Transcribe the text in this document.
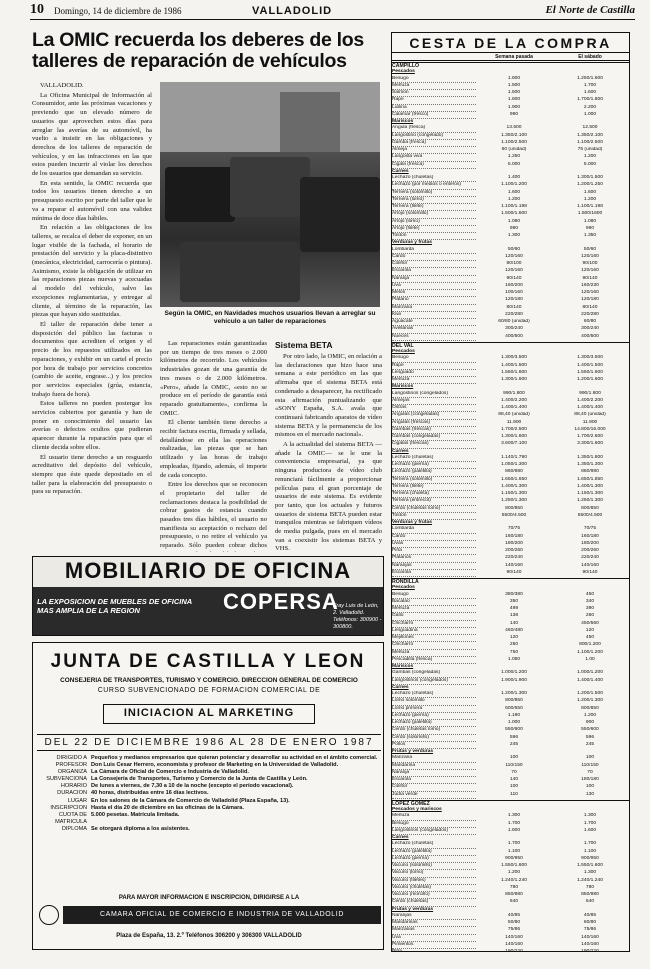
10 Domingo, 14 de diciembre de 1986	VALLADOLID	El Norte de Castilla
La OMIC recuerda los deberes de los talleres de reparación de vehículos

VALLADOLID.

La Oficina Municipal de Información al Consumidor, ante las próximas vacaciones y previendo que un elevado número de usuarios que aprovechen estos días para arreglar las averías de su automóvil, ha vuelto a insistir en las obligaciones y derechos de los talleres de reparación de vehículos, y en las infracciones en las que estos pueden incurrir al violar los derechos de los usuarios que demandan su servicio.

En esta sentido, la OMIC recuerda que todos los usuarios tienen derecho a un presupuesto escrito por parte del taller que le va a reparar el automóvil con una validez mínima de doce días hábiles.

En relación a las obligaciones de los talleres, se recalca el deber de exponer, en un lugar visible de la fachada, el horario de prestación del servicio y la placa-distintivo (mecánica, electricidad, carrocería o pintura). Asimismo, existe la obligación de utilizar en las reparaciones piezas nuevas y acecuadas al modelo del vehículo, salvo las excepciones reglamentarias, y entregar al cliente, al término de la reparación, las piezas que hayan sido sustituidas.

El taller de reparación debe tener a disposición del público las facturas o documentos que acrediten el origen y el precio de los repuestos utilizados en las reparaciones, y exhibir en un cartel el precio por hora de trabajo por servicios concretos (cambio de aceite, engrase...) y los precios por servicios especiales (grúa, estancia, trabajo fuera de hora).

Estos talleres no pueden postergar los servicios cubiertos por garantía y han de poner en conocimiento del usuario las averías o defectos ocultos que pudieran aparecer durante la reparación para que el cliente decida sobre ellos.

El usuario tiene derecho a un resguardo acreditativo del depósito del vehículo, siempre que éste quede depositado en el taller para la elaboración del presupuesto o para su reparación.

Según la OMIC, en Navidades muchos usuarios llevan a arreglar su vehículo a un taller de reparaciones

Las reparaciones están garantizadas por un tiempo de tres meses o 2.000 kilómetros de recorrido. Los vehículos industriales gozan de una garantía de tres meses o de 2.000 kilómetros. «Pero», añade la OMIC, «esto no se produce en el período de garantía está reparado gratuitamente», confirma la OMIC.

El cliente también tiene derecho a recibir factura escrita, firmada y sellada, detallándose en ella las operaciones realizadas, las piezas que se han utilizado y las horas de trabajo empleadas, fijando, además, el importe de cada concepto.

Entre los derechos que se reconocen el propietario del taller de reclamaciones destaca la posibilidad de cobrar gastos de estancia cuando pasados tres días hábiles, el usuario no manifiesta su aceptación o rechazo del presupuesto, o no retire el vehículo ya reparado. Sólo pueden cobrar dichos

Sistema BETA

Por otro lado, la OMIC, en relación a las declaraciones que hizo hace una semana a este periódico en las que afirmaba que el sistema BETA está condenado a desaparecer, ha rectificado esta afirmación puntualizando que «SONY España, S.A. avala que continuará fabricando aparatos de vídeo sistema BETA y la permanencia de los mismos en el mercado nacional».

A la actualidad del sistema BETA —añade la OMIC— se le une la conveniencia empresarial, ya que ninguna productora de vídeo club renunciará fácilmente a proporcionar películas para el gran porcentaje de usuarios de este sistema. Es evidente por tanto, que los actuales y futuros usuarios de sistema BETA pueden estar tranquilos mientras se fabriquen vídeos de media pulgada, pues en el mercado van a coexistir los sistemas BETA y VHS.

MOBILIARIO DE OFICINA
LA EXPOSICION DE MUEBLES DE OFICINA MAS AMPLIA DE LA REGION	COPERSA
Fray Luis de León, 2. Valladolid. Teléfonos: 300900 - 300800.
JUNTA DE CASTILLA Y LEON
CONSEJERIA DE TRANSPORTES, TURISMO Y COMERCIO. DIRECCION GENERAL DE COMERCIO
CURSO SUBVENCIONADO DE FORMACION COMERCIAL DE
INICIACION AL MARKETING
DEL 22 DE DICIEMBRE 1986 AL 28 DE ENERO 1987
DIRIGIDO A Pequeños y medianos empresarios que quieran potenciar y desarrollar su actividad en el ámbito comercial.
PROFESOR Don Luis Cesar Herrero, economista y profesor de Marketing en la Universidad de Valladolid.
ORGANIZA La Cámara de Oficial de Comercio e Industria de Valladolid.
SUBVENCIONA La Consejería de Transportes, Turismo y Comercio de la Junta de Castilla y León.
HORARIO De lunes a viernes, de 7,30 a 10 de la noche (excepto el período vacacional).
DURACION 40 horas, distribuidas entre 16 días lectivos.
LUGAR En los salones de la Cámara de Comercio de Valladolid (Plaza España, 13).
INSCRIPCION Hasta el día 20 de diciembre en las oficinas de la Cámara.
CUOTA DE MATRICULA
5.000 pesetas. Matrícula limitada.
DIPLOMA Se otorgará diploma a los asistentes.
PARA MAYOR INFORMACION E INSCRIPCION, DIRIGIRSE A LA
CAMARA OFICIAL DE COMERCIO E INDUSTRIA DE VALLADOLID
Plaza de España, 13. 2.º Teléfonos 306200 y 306300 VALLADOLID
CESTA DE LA COMPRA
Semana pasada	El sábado
CAMPILLO
Pescados
Besugo	1.600	1.250/1.600
Merluza	1.500	1.700
Salmón	1.500	1.600
Rape	1.600	1.700/1.800
Lubina	1.900	2.200
Calamar (fresco)	990	1.000
Mariscos
Angula (fresca)	13.500	12.500
Langostino (congelado)	1.350/2.100	1.350/2.100
Gamba (fresca)	1.100/2.500	1.100/2.500
Almeja	60 (unidad)	75 (unidad)
Langosta viva	1.250	1.200
Cigala (fresca)	5.000	5.000
Carnes
Lechazo (chuletas)	1.400	1.300/1.500
Lechazo (por medios o enteros)	1.100/1.200	1.200/1.250
Ternera (solomillo)	1.600	1.600
Ternera (lomo)	1.200	1.200
Ternera (filete)	1.100/1.198	1.100/1.198
Añojo (solomillo)	1.500/1.600	1.500/1600
Añojo (lomo)	1.080	1.080
Añojo (filete)	990	990
Tostón	1.300	1.350
Verduras y frutas
Lombarda	50/60	50/60
Cardo	120/160	120/160
Coliflor	80/100	90/100
Escarola	120/160	120/160
Naranja	90/140	90/140
Uva	160/200	160/230
Melón	100/160	120/160
Plátano	120/180	120/180
Manzana	80/140	80/140
Kiwi	220/280	220/280
Aguacate	60/80 (unidad)	60/80
Avellanas	300/240	300/240
Nueces	400/500	400/500
DEL VAL
Pescados
Besugo	1.300/3.500	1.300/3.500
Rape	1.400/1.500	1.400/1.500
Lenguado	1.550/1.600	1.550/1.600
Merluza	1.300/1.600	1.200/1.600
Mariscos
Langostinos (congelados)	990/1.800	990/1.800
Almejas	1.400/2.200	1.400/2.200
Ostras	1.400/1.400	1.400/1.400
Angulas (congeladas)	88,40 (unidad)	88,40 (unidad)
Angulas (frescas)	11.900	11.900
Gambas (frescas)	1.700/2.500	14.800/16.000
Gambas (congeladas)	1.300/1.600	1.700/2.600
Cigalas (frescas)	3.600/7.100	3.300/1.600
Carnes
Lechazo (chuletas)	1.140/1.790	1.350/1.800
Lechazo (pierna)	1.050/1.300	1.350/1.300
Lechazo (paletilla)	860/980	860/980
Ternera (solomillo)	1.650/1.650	1.650/1.850
Ternera (filete)	1.400/1.300	1.400/1.300
Ternera (chuleta)	1.150/1.300	1.150/1.300
Ternera (entrecot)	1.250/1.300	1.250/1.300
Cerdo (chuletas lomo)	800/850	800/850
Tostón	5500/4.500	5500/4.500
Verduras y frutas
Lombarda	70/75	70/75
Cardo	160/180	160/180
Uvas	180/200	180/200
Piña	200/260	200/260
Plátanos	220/240	220/240
Naranjas	140/160	140/160
Escarola	90/140	90/140
RONDILLA
Pescados
Besugo	380/380	450
Bacalao	350	340
Merluza	499	390
Gallo	138	260
Chicharro	140	450/560
Lenguadina	460/480	120
Mejillones	120	450
Chicharro	250	800/1.200
Merluza	750	1.100/1.200
Pescadilla (fresca)	1.050	1.00
Mariscos
Gambas (congeladas)	1.000/1.200	1.000/1.200
Langostinos (congelados)	1.900/1.900	1.400/1.400
Carnes
Lechazo (chuletas)	1.200/1.300	1.200/1.500
Lomo solomillo	800/850	1.200/1.300
Lomo primera	600/650	800/850
Lechazo (pierna)	1.190	1.200
Lechazo (paletilla)	1.000	900
Cerdo (chuletas lomo)	550/600	550/600
Cerdo (solomillo)	596	596
Pollos	245	245
Frutas y verduras
Manzana	100	100
Mandarina	110/150	110/150
Naranja	70	70
Escarola	140	180/180
Coliflor	100	100
Judía verde	110	130
LOPEZ GOMEZ
Pescados y mariscos
Merluza	1.300	1.300
Besugo	1.700	1.700
Langostinos (congelados)	1.600	1.600
Carnes
Lechazo (chuletas)	1.700	1.700
Lechazo (paletilla)	1.100	1.100
Lechazo (pierna)	900/950	900/950
Vacuno (solomillo)	1.550/1.600	1.550/1.600
Vacuno (lomo)	1.200	1.300
Vacuno (filetes)	1.240/1.240	1.240/1.240
Vacuno (chuletas)	780	780
Vacuno (morcillo)	850/980	850/980
Cerdo (chuletas)	640	640
Frutas y verduras
Naranjas	40/85	40/85
Mandarinas	50/80	60/80
Manzanas	75/86	75/86
Uva	140/160	140/160
Pimientos	140/160	140/160
Piña	190/220	190/220
